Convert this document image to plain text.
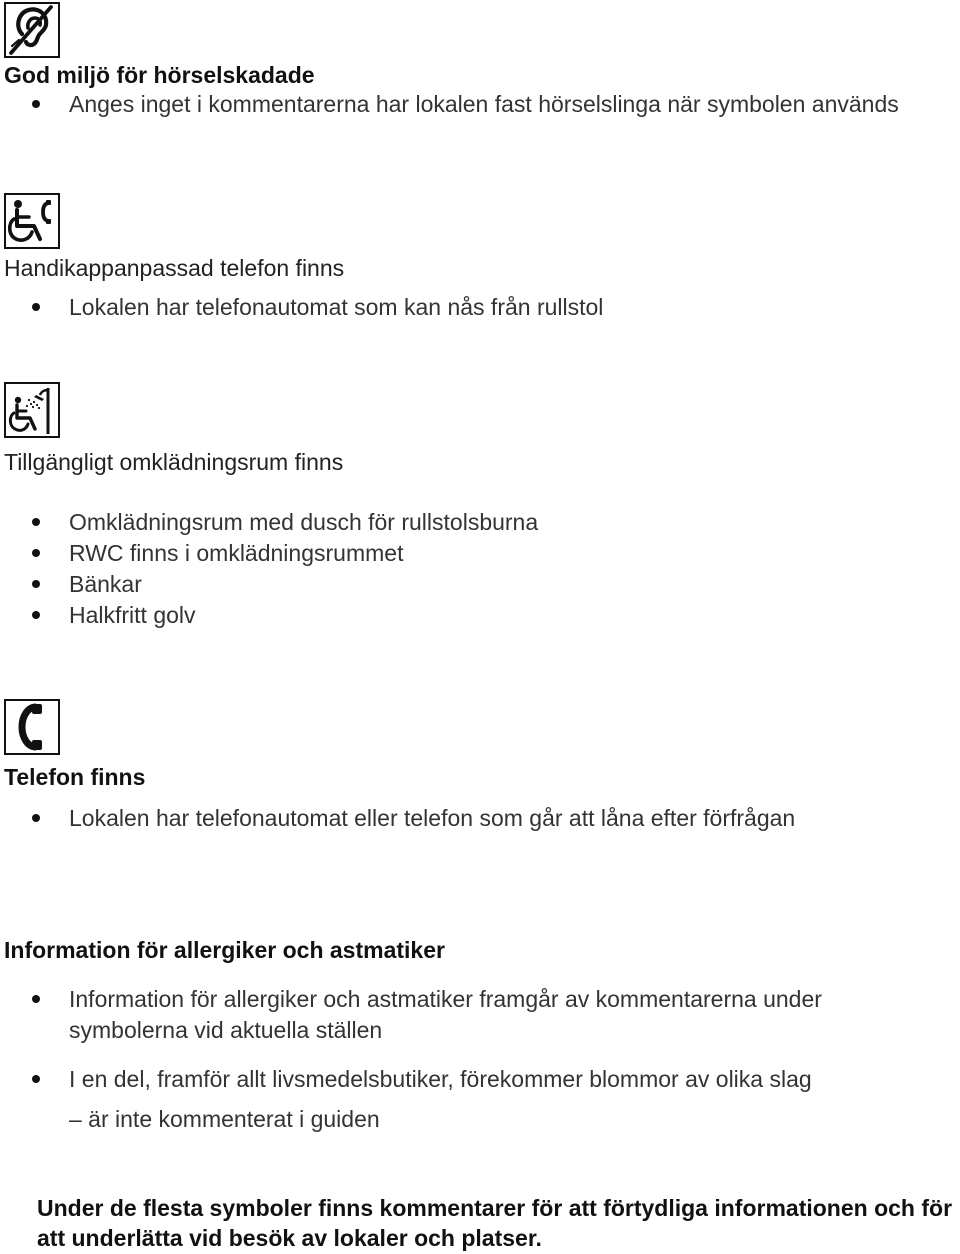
God miljö för hörselskadade
Anges inget i kommentarerna har lokalen fast hörselslinga när symbolen används
Handikappanpassad telefon finns
Lokalen har telefonautomat som kan nås från rullstol
Tillgängligt omklädningsrum finns
Omklädningsrum med dusch för rullstolsburna
RWC finns i omklädningsrummet
Bänkar
Halkfritt golv
Telefon finns
Lokalen har telefonautomat eller telefon som går att låna efter förfrågan
Information för allergiker och astmatiker
Information för allergiker och astmatiker framgår av kommentarerna under symbolerna vid aktuella ställen
I en del, framför allt livsmedelsbutiker, förekommer blommor av olika slag
– är inte kommenterat i guiden
Under de flesta symboler finns kommentarer för att förtydliga informationen och för att underlätta vid besök av lokaler och platser.
